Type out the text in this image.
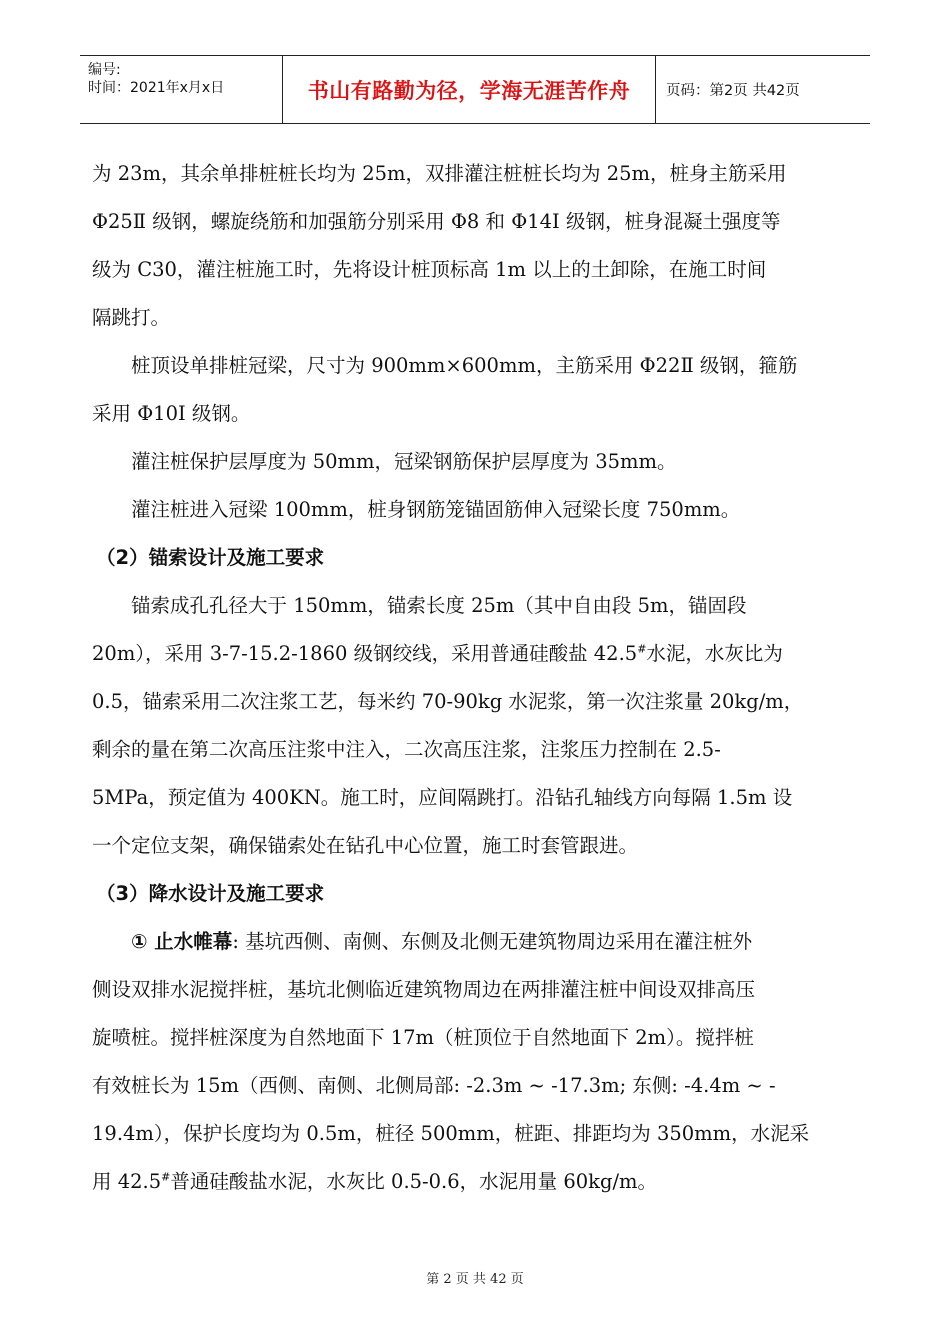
编号:
时间：2021年x月x日	书山有路勤为径，学海无涯苦作舟	页码：第2页 共42页

为 23m，其余单排桩桩长均为 25m，双排灌注桩桩长均为 25m，桩身主筋采用
Φ25Ⅱ 级钢，螺旋绕筋和加强筋分别采用 Φ8 和 Φ14Ⅰ 级钢，桩身混凝土强度等
级为 C30，灌注桩施工时，先将设计桩顶标高 1m 以上的土卸除，在施工时间
隔跳打。

桩顶设单排桩冠梁，尺寸为 900mm×600mm，主筋采用 Φ22Ⅱ 级钢，箍筋
采用 Φ10Ⅰ 级钢。

灌注桩保护层厚度为 50mm，冠梁钢筋保护层厚度为 35mm。

灌注桩进入冠梁 100mm，桩身钢筋笼锚固筋伸入冠梁长度 750mm。

（2）锚索设计及施工要求

锚索成孔孔径大于 150mm，锚索长度 25m（其中自由段 5m，锚固段
20m），采用 3-7-15.2-1860 级钢绞线，采用普通硅酸盐 42.5#水泥，水灰比为
0.5，锚索采用二次注浆工艺，每米约 70-90kg 水泥浆，第一次注浆量 20kg/m，
剩余的量在第二次高压注浆中注入，二次高压注浆，注浆压力控制在 2.5-
5MPa，预定值为 400KN。施工时，应间隔跳打。沿钻孔轴线方向每隔 1.5m 设
一个定位支架，确保锚索处在钻孔中心位置，施工时套管跟进。

（3）降水设计及施工要求

① 止水帷幕: 基坑西侧、南侧、东侧及北侧无建筑物周边采用在灌注桩外
侧设双排水泥搅拌桩，基坑北侧临近建筑物周边在两排灌注桩中间设双排高压
旋喷桩。搅拌桩深度为自然地面下 17m（桩顶位于自然地面下 2m）。搅拌桩
有效桩长为 15m（西侧、南侧、北侧局部: -2.3m ~ -17.3m; 东侧: -4.4m ~ -
19.4m），保护长度均为 0.5m，桩径 500mm，桩距、排距均为 350mm，水泥采
用 42.5#普通硅酸盐水泥，水灰比 0.5-0.6，水泥用量 60kg/m。

第 2 页 共 42 页
